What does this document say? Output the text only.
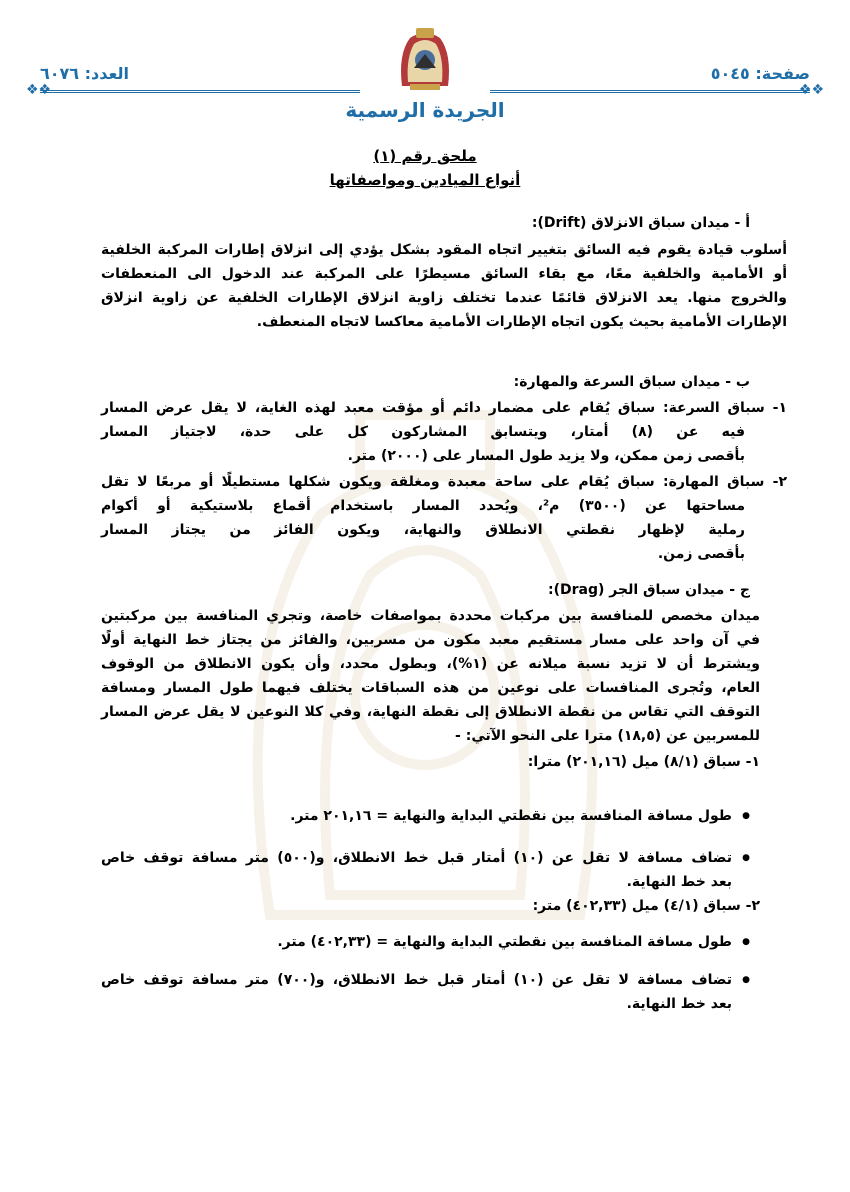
صفحة: ٥٠٤٥
العدد: ٦٠٧٦
❖❖
❖❖
الجريدة الرسمية
ملحق رقم (١)
أنواع الميادين ومواصفاتها
أ - ميدان سباق الانزلاق (Drift):
أسلوب قيادة يقوم فيه السائق بتغيير اتجاه المقود بشكل يؤدي إلى انزلاق إطارات المركبة الخلفية
أو الأمامية والخلفية معًا، مع بقاء السائق مسيطرًا على المركبة عند الدخول الى المنعطفات
والخروج منها. يعد الانزلاق قائمًا عندما تختلف زاوية انزلاق الإطارات الخلفية عن زاوية انزلاق
الإطارات الأمامية بحيث يكون اتجاه الإطارات الأمامية معاكسا لاتجاه المنعطف.
ب - ميدان سباق السرعة والمهارة:
١- سباق السرعة: سباق يُقام على مضمار دائم أو مؤقت معبد لهذه الغاية، لا يقل عرض المسار
فيه عن (٨) أمتار، ويتسابق المشاركون كل على حدة، لاجتياز المسار
بأقصى زمن ممكن، ولا يزيد طول المسار على (٢٠٠٠) متر.
٢- سباق المهارة: سباق يُقام على ساحة معبدة ومغلقة ويكون شكلها مستطيلًا أو مربعًا لا تقل
مساحتها عن (٣٥٠٠) م²، ويُحدد المسار باستخدام أقماع بلاستيكية أو أكوام
رملية لإظهار نقطتي الانطلاق والنهاية، ويكون الفائز من يجتاز المسار
بأقصى زمن.
ج - ميدان سباق الجر (Drag):
ميدان مخصص للمنافسة بين مركبات محددة بمواصفات خاصة، وتجري المنافسة بين مركبتين
في آن واحد على مسار مستقيم معبد مكون من مسربين، والفائز من يجتاز خط النهاية أولًا
ويشترط أن لا تزيد نسبة ميلانه عن (١%)، وبطول محدد، وأن يكون الانطلاق من الوقوف
العام، وتُجرى المنافسات على نوعين من هذه السباقات يختلف فيهما طول المسار ومسافة
التوقف التي تقاس من نقطة الانطلاق إلى نقطة النهاية، وفي كلا النوعين لا يقل عرض المسار
للمسربين عن (١٨,٥) مترا على النحو الآتي: -
١- سباق (٨/١) ميل (٢٠١,١٦) مترا:
● طول مسافة المنافسة بين نقطتي البداية والنهاية = ٢٠١,١٦ متر.
● تضاف مسافة لا تقل عن (١٠) أمتار قبل خط الانطلاق، و(٥٠٠) متر مسافة توقف خاص
بعد خط النهاية.
٢- سباق (٤/١) ميل (٤٠٢,٣٣) متر:
● طول مسافة المنافسة بين نقطتي البداية والنهاية = (٤٠٢,٣٣) متر.
● تضاف مسافة لا تقل عن (١٠) أمتار قبل خط الانطلاق، و(٧٠٠) متر مسافة توقف خاص
بعد خط النهاية.
